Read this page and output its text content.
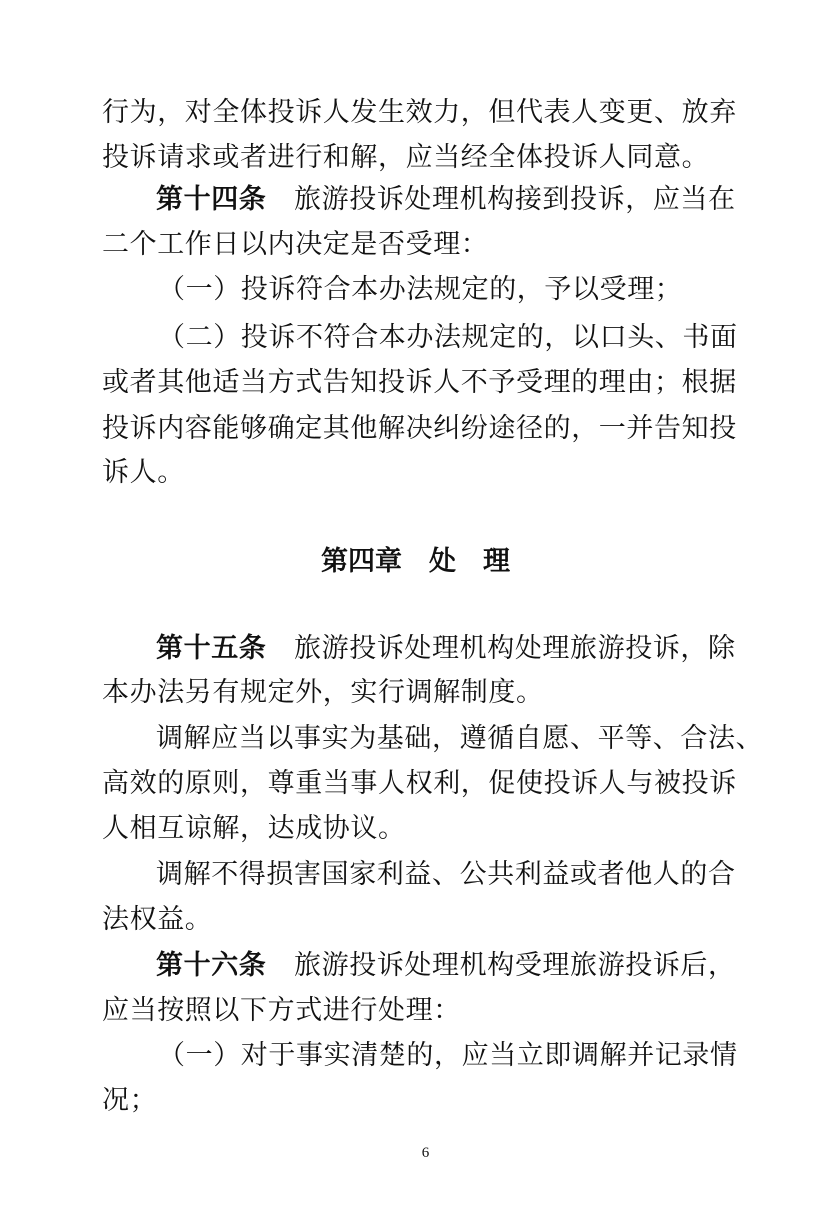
行为，对全体投诉人发生效力，但代表人变更、放弃
投诉请求或者进行和解，应当经全体投诉人同意。
第十四条　 旅游投诉处理机构接到投诉，应当在
二个工作日以内决定是否受理：
（一）投诉符合本办法规定的，予以受理；
（二）投诉不符合本办法规定的，以口头、书面
或者其他适当方式告知投诉人不予受理的理由；根据
投诉内容能够确定其他解决纠纷途径的，一并告知投
诉人。
第四章　处　理
第十五条　 旅游投诉处理机构处理旅游投诉，除
本办法另有规定外，实行调解制度。
调解应当以事实为基础，遵循自愿、平等、合法、
高效的原则，尊重当事人权利，促使投诉人与被投诉
人相互谅解，达成协议。
调解不得损害国家利益、公共利益或者他人的合
法权益。
第十六条　 旅游投诉处理机构受理旅游投诉后，
应当按照以下方式进行处理：
（一）对于事实清楚的，应当立即调解并记录情
况；
6
